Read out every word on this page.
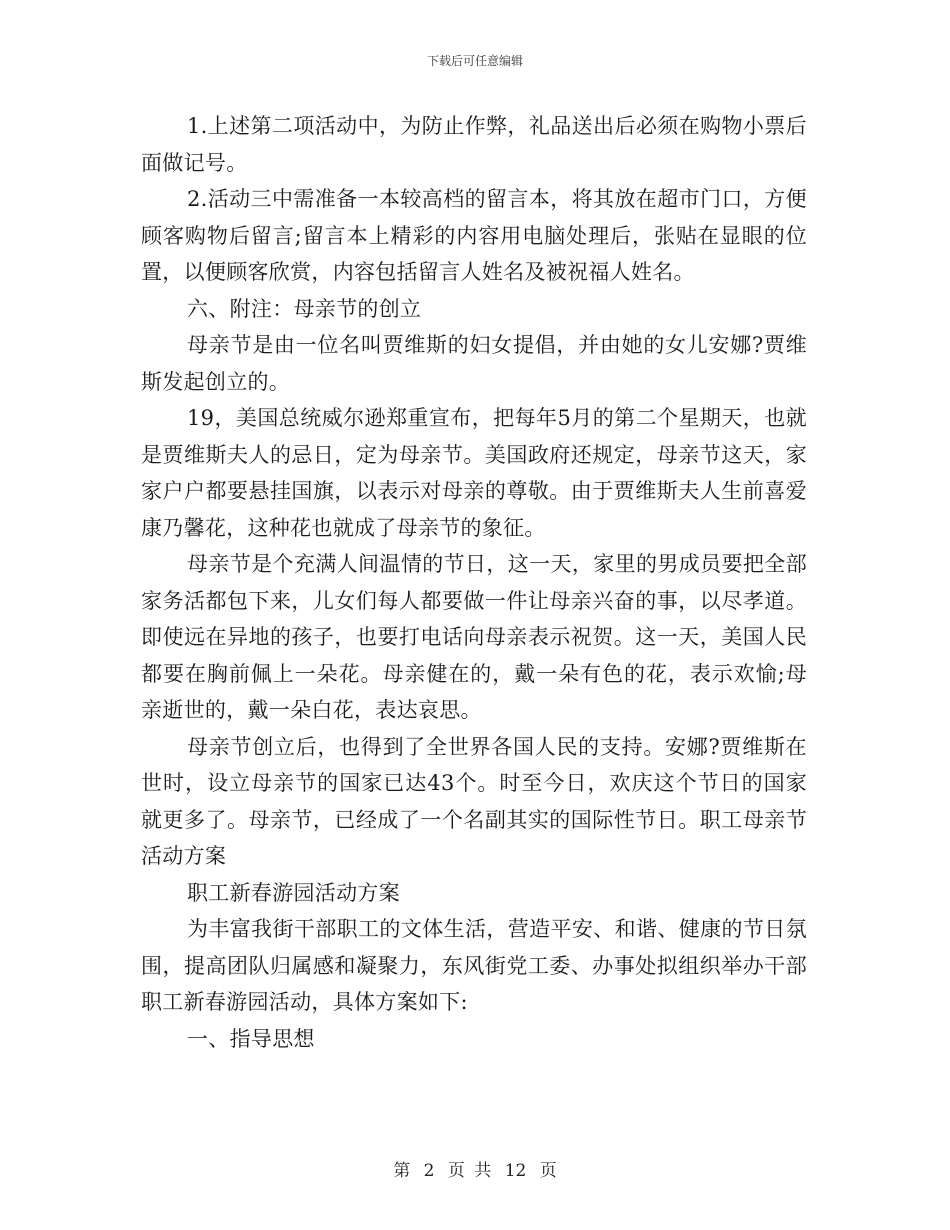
下载后可任意编辑

1.上述第二项活动中，为防止作弊，礼品送出后必须在购物小票后面做记号。

2.活动三中需准备一本较高档的留言本，将其放在超市门口，方便顾客购物后留言;留言本上精彩的内容用电脑处理后，张贴在显眼的位置，以便顾客欣赏，内容包括留言人姓名及被祝福人姓名。

六、附注：母亲节的创立

母亲节是由一位名叫贾维斯的妇女提倡，并由她的女儿安娜?贾维斯发起创立的。

19，美国总统威尔逊郑重宣布，把每年5月的第二个星期天，也就是贾维斯夫人的忌日，定为母亲节。美国政府还规定，母亲节这天，家家户户都要悬挂国旗，以表示对母亲的尊敬。由于贾维斯夫人生前喜爱康乃馨花，这种花也就成了母亲节的象征。

母亲节是个充满人间温情的节日，这一天，家里的男成员要把全部家务活都包下来，儿女们每人都要做一件让母亲兴奋的事，以尽孝道。即使远在异地的孩子，也要打电话向母亲表示祝贺。这一天，美国人民都要在胸前佩上一朵花。母亲健在的，戴一朵有色的花，表示欢愉;母亲逝世的，戴一朵白花，表达哀思。

母亲节创立后，也得到了全世界各国人民的支持。安娜?贾维斯在世时，设立母亲节的国家已达43个。时至今日，欢庆这个节日的国家就更多了。母亲节，已经成了一个名副其实的国际性节日。职工母亲节活动方案

职工新春游园活动方案

为丰富我街干部职工的文体生活，营造平安、和谐、健康的节日氛围，提高团队归属感和凝聚力，东风街党工委、办事处拟组织举办干部职工新春游园活动，具体方案如下:

一、指导思想

第 2 页 共 12 页
